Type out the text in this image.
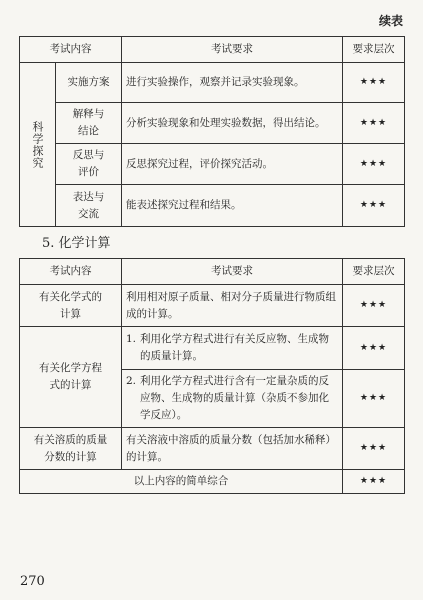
续表
考试内容		考试要求	要求层次

科学探究	实施方案	进行实验操作，观察并记录实验现象。	★★★
	解释与结论	分析实验现象和处理实验数据，得出结论。	★★★
	反思与评价	反思探究过程，评价探究活动。	★★★
	表达与交流	能表述探究过程和结果。	★★★
5. 化学计算
考试内容	考试要求	要求层次
有关化学式的计算	利用相对原子质量、相对分子质量进行物质组成的计算。	★★★
有关化学方程式的计算	1. 利用化学方程式进行有关反应物、生成物的质量计算。	★★★

	2. 利用化学方程式进行含有一定量杂质的反应物、生成物的质量计算（杂质不参加化学反应）。	★★★
有关溶质的质量分数的计算	有关溶液中溶质的质量分数（包括加水稀释）的计算。	★★★
以上内容的简单综合		★★★
270
